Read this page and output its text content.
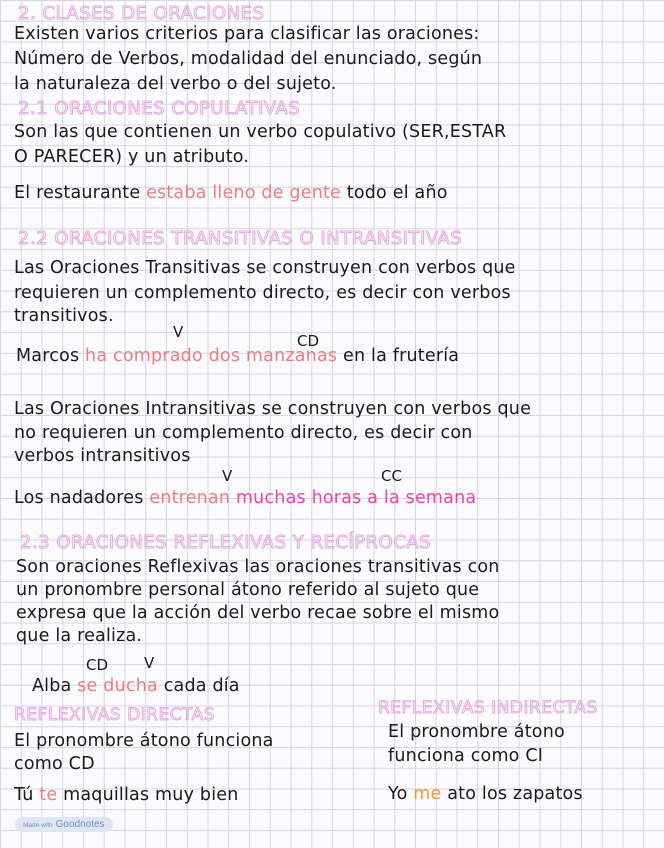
2. CLASES DE ORACIONES
Existen varios criterios para clasificar las oraciones:
Número de Verbos, modalidad del enunciado, según
la naturaleza del verbo o del sujeto.
2.1 ORACIONES COPULATIVAS
Son las que contienen un verbo copulativo (SER,ESTAR
O PARECER) y un atributo.
El restaurante estaba lleno de gente todo el año
2.2 ORACIONES TRANSITIVAS O INTRANSITIVAS
Las Oraciones Transitivas se construyen con verbos que
requieren un complemento directo, es decir con verbos
transitivos.
V	CD
Marcos ha comprado dos manzanas en la frutería
Las Oraciones Intransitivas se construyen con verbos que
no requieren un complemento directo, es decir con
verbos intransitivos
V	CC
Los nadadores entrenan muchas horas a la semana
2.3 ORACIONES REFLEXIVAS Y RECÍPROCAS
Son oraciones Reflexivas las oraciones transitivas con
un pronombre personal átono referido al sujeto que
expresa que la acción del verbo recae sobre el mismo
que la realiza.
CD V
Alba se ducha cada día
REFLEXIVAS DIRECTAS
El pronombre átono funciona
como CD
Tú te maquillas muy bien
REFLEXIVAS INDIRECTAS
El pronombre átono
funciona como CI
Yo me ato los zapatos
Made with Goodnotes
